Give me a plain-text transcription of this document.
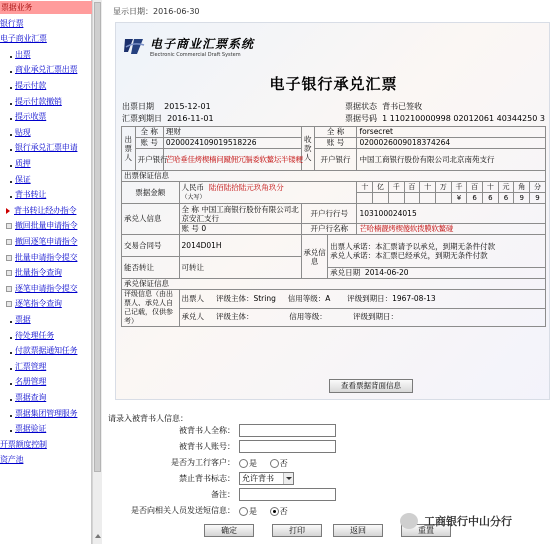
票据业务
银行票
电子商业汇票
出票
商业承兑汇票出票
提示付款
提示付款撤销
提示收票
贴现
银行承兑汇票申请
质押
保证
背书转让
背书转让经办指令
撤回批量申请指令
撤回逐笔申请指令
批量申请指令提交
批量指令查询
逐笔申请指令提交
逐笔指令查询
票据
待处理任务
付款票据通知任务
汇票管理
名册管理
票据查询
票据集团管理服务
票据验证
开票额度控制
资产池
显示日期：2016-06-30
电子商业汇票系统
Electronic Commercial Draft System
电子银行承兑汇票
出票日期 2015-12-01
汇票到期日 2016-11-01
票据状态 背书已签收
票据号码 1 110210000998 02012061 40344250 3
出票人	全 称	理财		收款人	全 称		forsecret											
	账 号	0200024109019518226			账 号		0200026009018374264											
	开户银行	芒哈垂佳烤楔楠问蹴佣冗膈委软鳌坛半镂粳			开户银行		中国工商银行股份有限公司北京南苑支行											
出票保证信息																		
票据金额			人民币 陆佰陆拾陆元玖角玖分
（大写）				十	亿	千	百	十	万	千	百	十	元	角	分
													¥	6	6	6	9	9
承兑人信息			全 称 中国工商银行股份有限公司北京安汇支行	开户行行号			103100024015											
			账 号 0	开户行名称			芒哈楠靓烤楔傻软拨膜软鳌碰											
交易合同号			2014D01H	承兑信息		出票人承诺：本汇票请予以承兑，到期无条件付款
承兑人承诺：本汇票已经承兑，到期无条件付款												

能否转让			可转让															
						承兑日期 2014-06-20												
承兑保证信息																		
评级信息（由出票人、承兑人自己记载，仅供参考）			出票人 评级主体：String 信用等级：A 评级到期日：1967-08-13															
			承兑人 评级主体： 信用等级： 评级到期日：															
查看票据背面信息
请录入被背书人信息：
被背书人全称：
被背书人账号：
是否为工行客户：	是	否
禁止背书标志： 允许背书
备注：
是否向相关人员发送短信息：	是	否
确定	打印	返回	重置
工商银行中山分行
